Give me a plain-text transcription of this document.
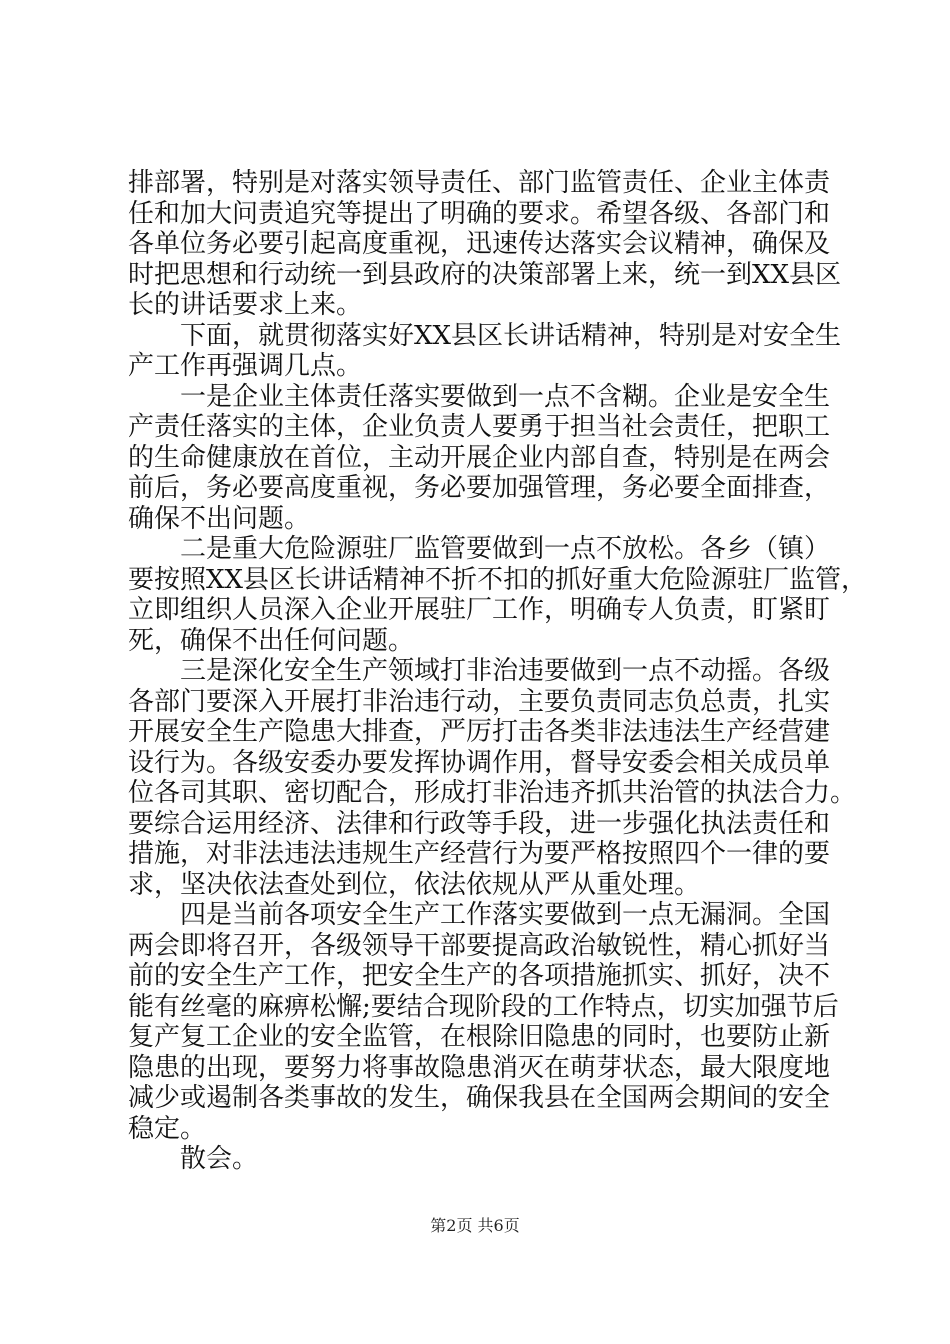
排部署，特别是对落实领导责任、部门监管责任、企业主体责
任和加大问责追究等提出了明确的要求。希望各级、各部门和
各单位务必要引起高度重视，迅速传达落实会议精神，确保及
时把思想和行动统一到县政府的决策部署上来，统一到XX县区
长的讲话要求上来。
下面，就贯彻落实好XX县区长讲话精神，特别是对安全生
产工作再强调几点。
一是企业主体责任落实要做到一点不含糊。企业是安全生
产责任落实的主体，企业负责人要勇于担当社会责任，把职工
的生命健康放在首位，主动开展企业内部自查，特别是在两会
前后，务必要高度重视，务必要加强管理，务必要全面排查，
确保不出问题。
二是重大危险源驻厂监管要做到一点不放松。各乡（镇）
要按照XX县区长讲话精神不折不扣的抓好重大危险源驻厂监管，
立即组织人员深入企业开展驻厂工作，明确专人负责，盯紧盯
死，确保不出任何问题。
三是深化安全生产领域打非治违要做到一点不动摇。各级
各部门要深入开展打非治违行动，主要负责同志负总责，扎实
开展安全生产隐患大排查，严厉打击各类非法违法生产经营建
设行为。各级安委办要发挥协调作用，督导安委会相关成员单
位各司其职、密切配合，形成打非治违齐抓共治管的执法合力。
要综合运用经济、法律和行政等手段，进一步强化执法责任和
措施，对非法违法违规生产经营行为要严格按照四个一律的要
求，坚决依法查处到位，依法依规从严从重处理。
四是当前各项安全生产工作落实要做到一点无漏洞。全国
两会即将召开，各级领导干部要提高政治敏锐性，精心抓好当
前的安全生产工作，把安全生产的各项措施抓实、抓好，决不
能有丝毫的麻痹松懈;要结合现阶段的工作特点，切实加强节后
复产复工企业的安全监管，在根除旧隐患的同时，也要防止新
隐患的出现，要努力将事故隐患消灭在萌芽状态，最大限度地
减少或遏制各类事故的发生，确保我县在全国两会期间的安全
稳定。
散会。
第2页 共6页
